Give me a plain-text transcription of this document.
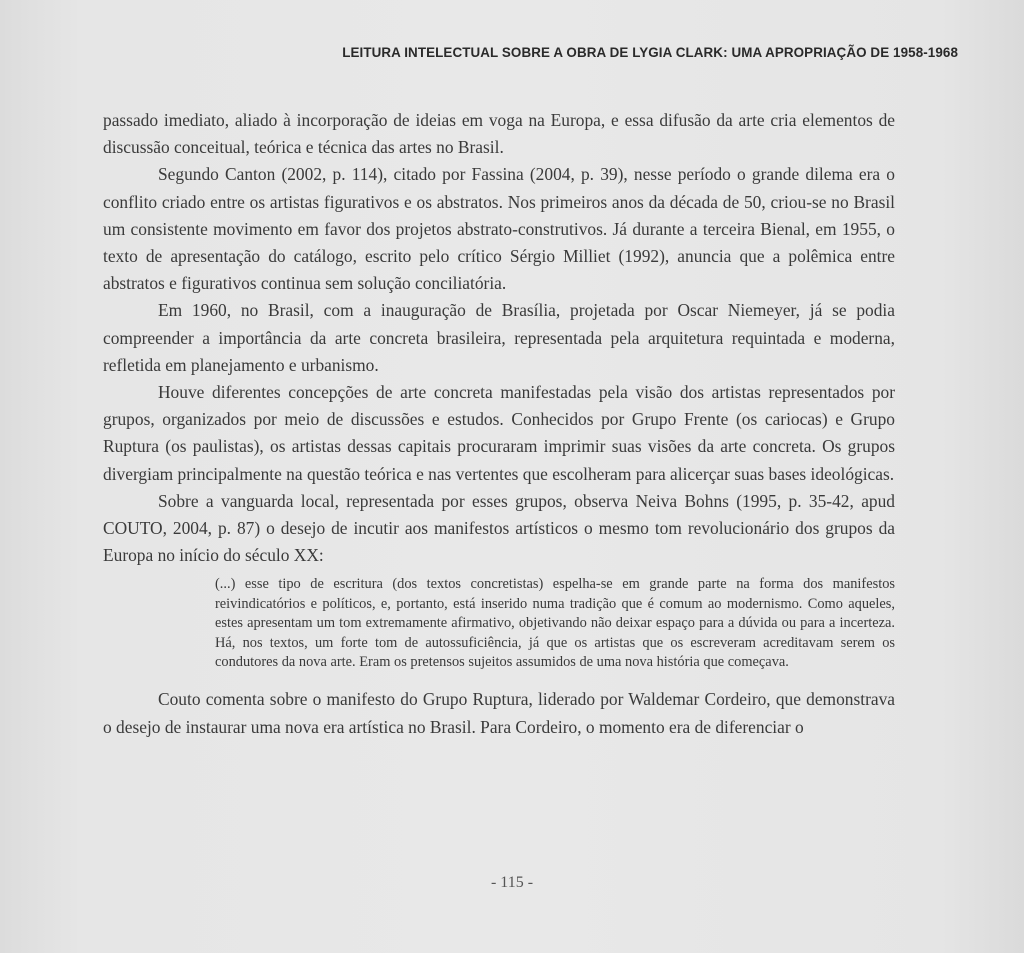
LEITURA INTELECTUAL SOBRE A OBRA DE LYGIA CLARK: UMA APROPRIAÇÃO DE 1958-1968

passado imediato, aliado à incorporação de ideias em voga na Europa, e essa difusão da arte cria elementos de discussão conceitual, teórica e técnica das artes no Brasil.

Segundo Canton (2002, p. 114), citado por Fassina (2004, p. 39), nesse período o grande dilema era o conflito criado entre os artistas figurativos e os abstratos. Nos primeiros anos da década de 50, criou-se no Brasil um consistente movimento em favor dos projetos abstrato-construtivos. Já durante a terceira Bienal, em 1955, o texto de apresentação do catálogo, escrito pelo crítico Sérgio Milliet (1992), anuncia que a polêmica entre abstratos e figurativos continua sem solução conciliatória.

Em 1960, no Brasil, com a inauguração de Brasília, projetada por Oscar Niemeyer, já se podia compreender a importância da arte concreta brasileira, representada pela arquitetura requintada e moderna, refletida em planejamento e urbanismo.

Houve diferentes concepções de arte concreta manifestadas pela visão dos artistas representados por grupos, organizados por meio de discussões e estudos. Conhecidos por Grupo Frente (os cariocas) e Grupo Ruptura (os paulistas), os artistas dessas capitais procuraram imprimir suas visões da arte concreta. Os grupos divergiam principalmente na questão teórica e nas vertentes que escolheram para alicerçar suas bases ideológicas.

Sobre a vanguarda local, representada por esses grupos, observa Neiva Bohns (1995, p. 35-42, apud COUTO, 2004, p. 87) o desejo de incutir aos manifestos artísticos o mesmo tom revolucionário dos grupos da Europa no início do século XX:

(...) esse tipo de escritura (dos textos concretistas) espelha-se em grande parte na forma dos manifestos reivindicatórios e políticos, e, portanto, está inserido numa tradição que é comum ao modernismo. Como aqueles, estes apresentam um tom extremamente afirmativo, objetivando não deixar espaço para a dúvida ou para a incerteza. Há, nos textos, um forte tom de autossuficiência, já que os artistas que os escreveram acreditavam serem os condutores da nova arte. Eram os pretensos sujeitos assumidos de uma nova história que começava.

Couto comenta sobre o manifesto do Grupo Ruptura, liderado por Waldemar Cordeiro, que demonstrava o desejo de instaurar uma nova era artística no Brasil. Para Cordeiro, o momento era de diferenciar o

- 115 -
